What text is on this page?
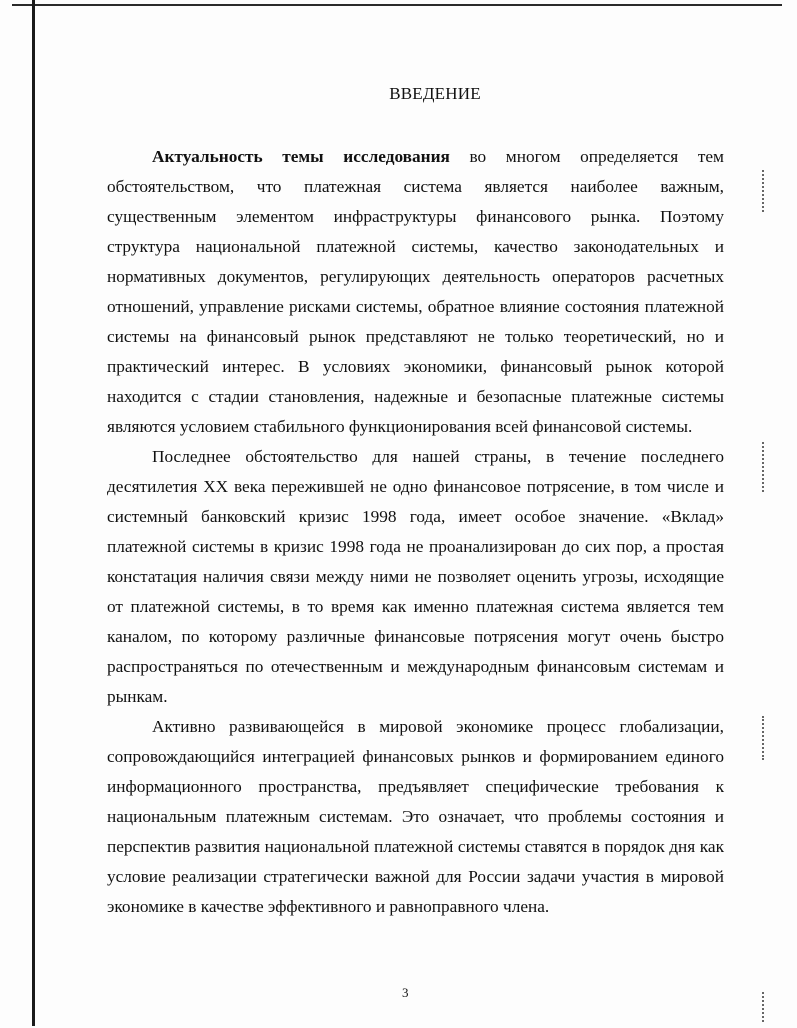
ВВЕДЕНИЕ

Актуальность темы исследования во многом определяется тем обстоятельством, что платежная система является наиболее важным, существенным элементом инфраструктуры финансового рынка. Поэтому структура национальной платежной системы, качество законодательных и нормативных документов, регулирующих деятельность операторов расчетных отношений, управление рисками системы, обратное влияние состояния платежной системы на финансовый рынок представляют не только теоретический, но и практический интерес. В условиях экономики, финансовый рынок которой находится с стадии становления, надежные и безопасные платежные системы являются условием стабильного функционирования всей финансовой системы.

Последнее обстоятельство для нашей страны, в течение последнего десятилетия XX века пережившей не одно финансовое потрясение, в том числе и системный банковский кризис 1998 года, имеет особое значение. «Вклад» платежной системы в кризис 1998 года не проанализирован до сих пор, а простая констатация наличия связи между ними не позволяет оценить угрозы, исходящие от платежной системы, в то время как именно платежная система является тем каналом, по которому различные финансовые потрясения могут очень быстро распространяться по отечественным и международным финансовым системам и рынкам.

Активно развивающейся в мировой экономике процесс глобализации, сопровождающийся интеграцией финансовых рынков и формированием единого информационного пространства, предъявляет специфические требования к национальным платежным системам. Это означает, что проблемы состояния и перспектив развития национальной платежной системы ставятся в порядок дня как условие реализации стратегически важной для России задачи участия в мировой экономике в качестве эффективного и равноправного члена.

3
